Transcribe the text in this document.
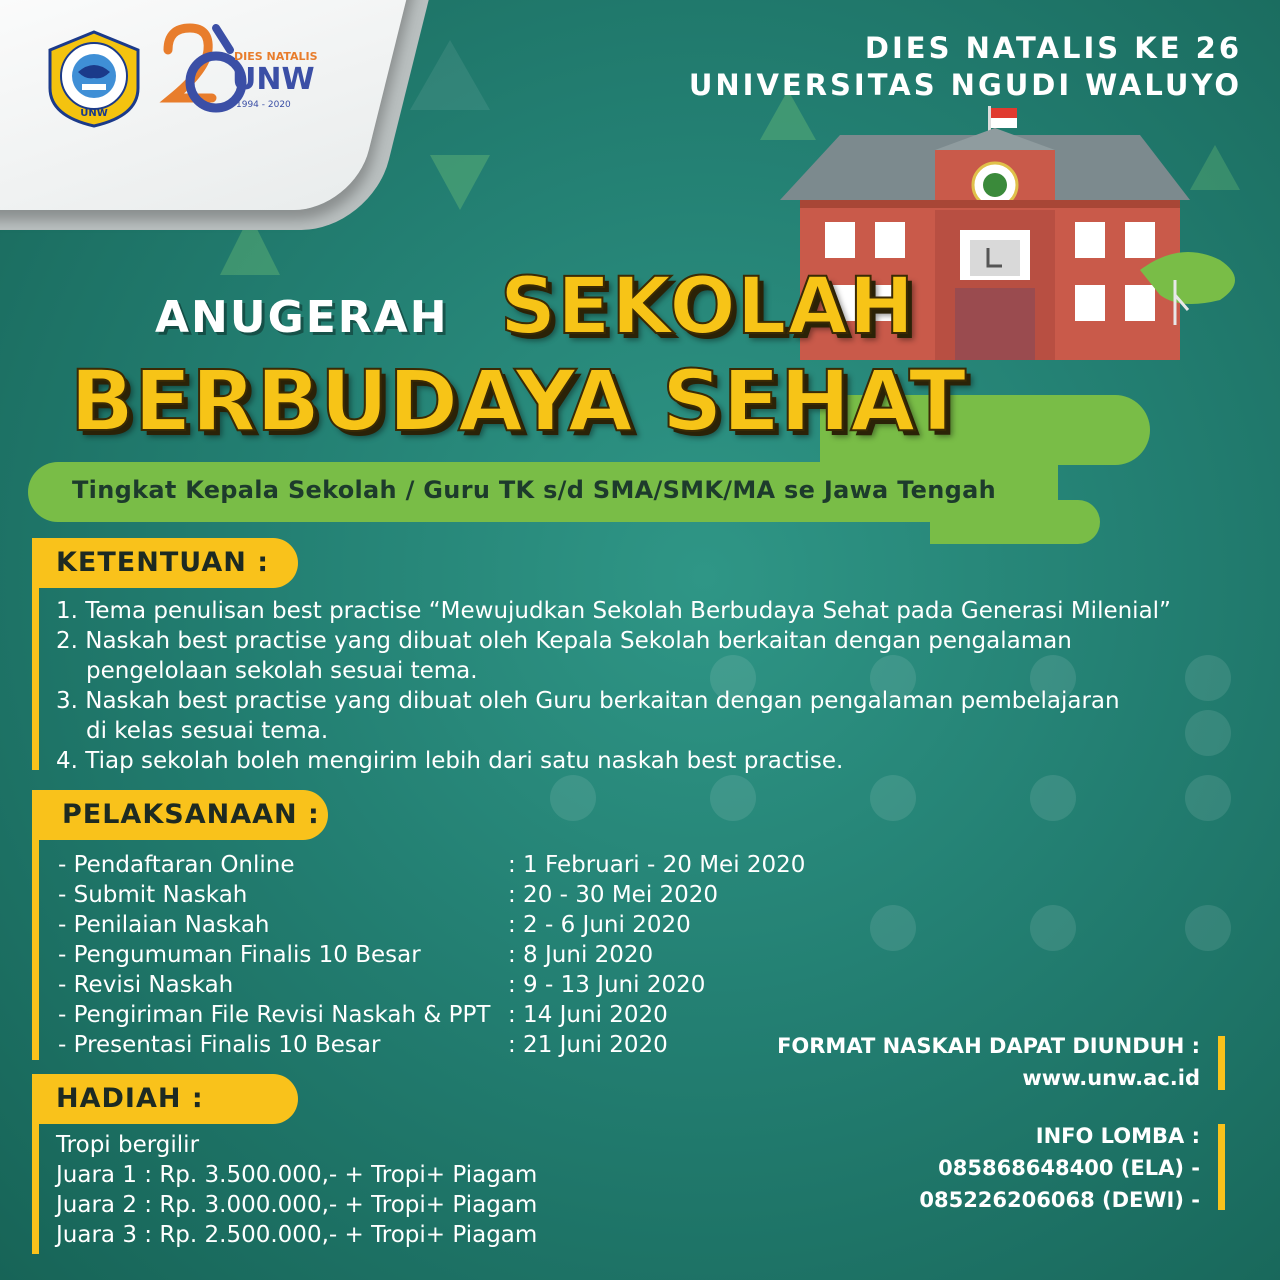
UNW
DIES NATALIS
UNW
1994 - 2020
DIES NATALIS KE 26
UNIVERSITAS NGUDI WALUYO
ANUGERAH SEKOLAH
BERBUDAYA SEHAT
Tingkat Kepala Sekolah / Guru TK s/d SMA/SMK/MA se Jawa Tengah
KETENTUAN :
1. Tema penulisan best practise “Mewujudkan Sekolah Berbudaya Sehat pada Generasi Milenial”
2. Naskah best practise yang dibuat oleh Kepala Sekolah berkaitan dengan pengalaman
pengelolaan sekolah sesuai tema.
3. Naskah best practise yang dibuat oleh Guru berkaitan dengan pengalaman pembelajaran
di kelas sesuai tema.
4. Tiap sekolah boleh mengirim lebih dari satu naskah best practise.
PELAKSANAAN :
- Pendaftaran Online	: 1 Februari - 20 Mei 2020
- Submit Naskah	: 20 - 30 Mei 2020
- Penilaian Naskah	: 2 - 6 Juni 2020
- Pengumuman Finalis 10 Besar	: 8 Juni 2020
- Revisi Naskah	: 9 - 13 Juni 2020
- Pengiriman File Revisi Naskah & PPT : 14 Juni 2020
- Presentasi Finalis 10 Besar	: 21 Juni 2020
HADIAH :
Tropi bergilir
Juara 1 : Rp. 3.500.000,- + Tropi+ Piagam
Juara 2 : Rp. 3.000.000,- + Tropi+ Piagam
Juara 3 : Rp. 2.500.000,- + Tropi+ Piagam
FORMAT NASKAH DAPAT DIUNDUH :
www.unw.ac.id
INFO LOMBA :
085868648400 (ELA) -
085226206068 (DEWI) -
